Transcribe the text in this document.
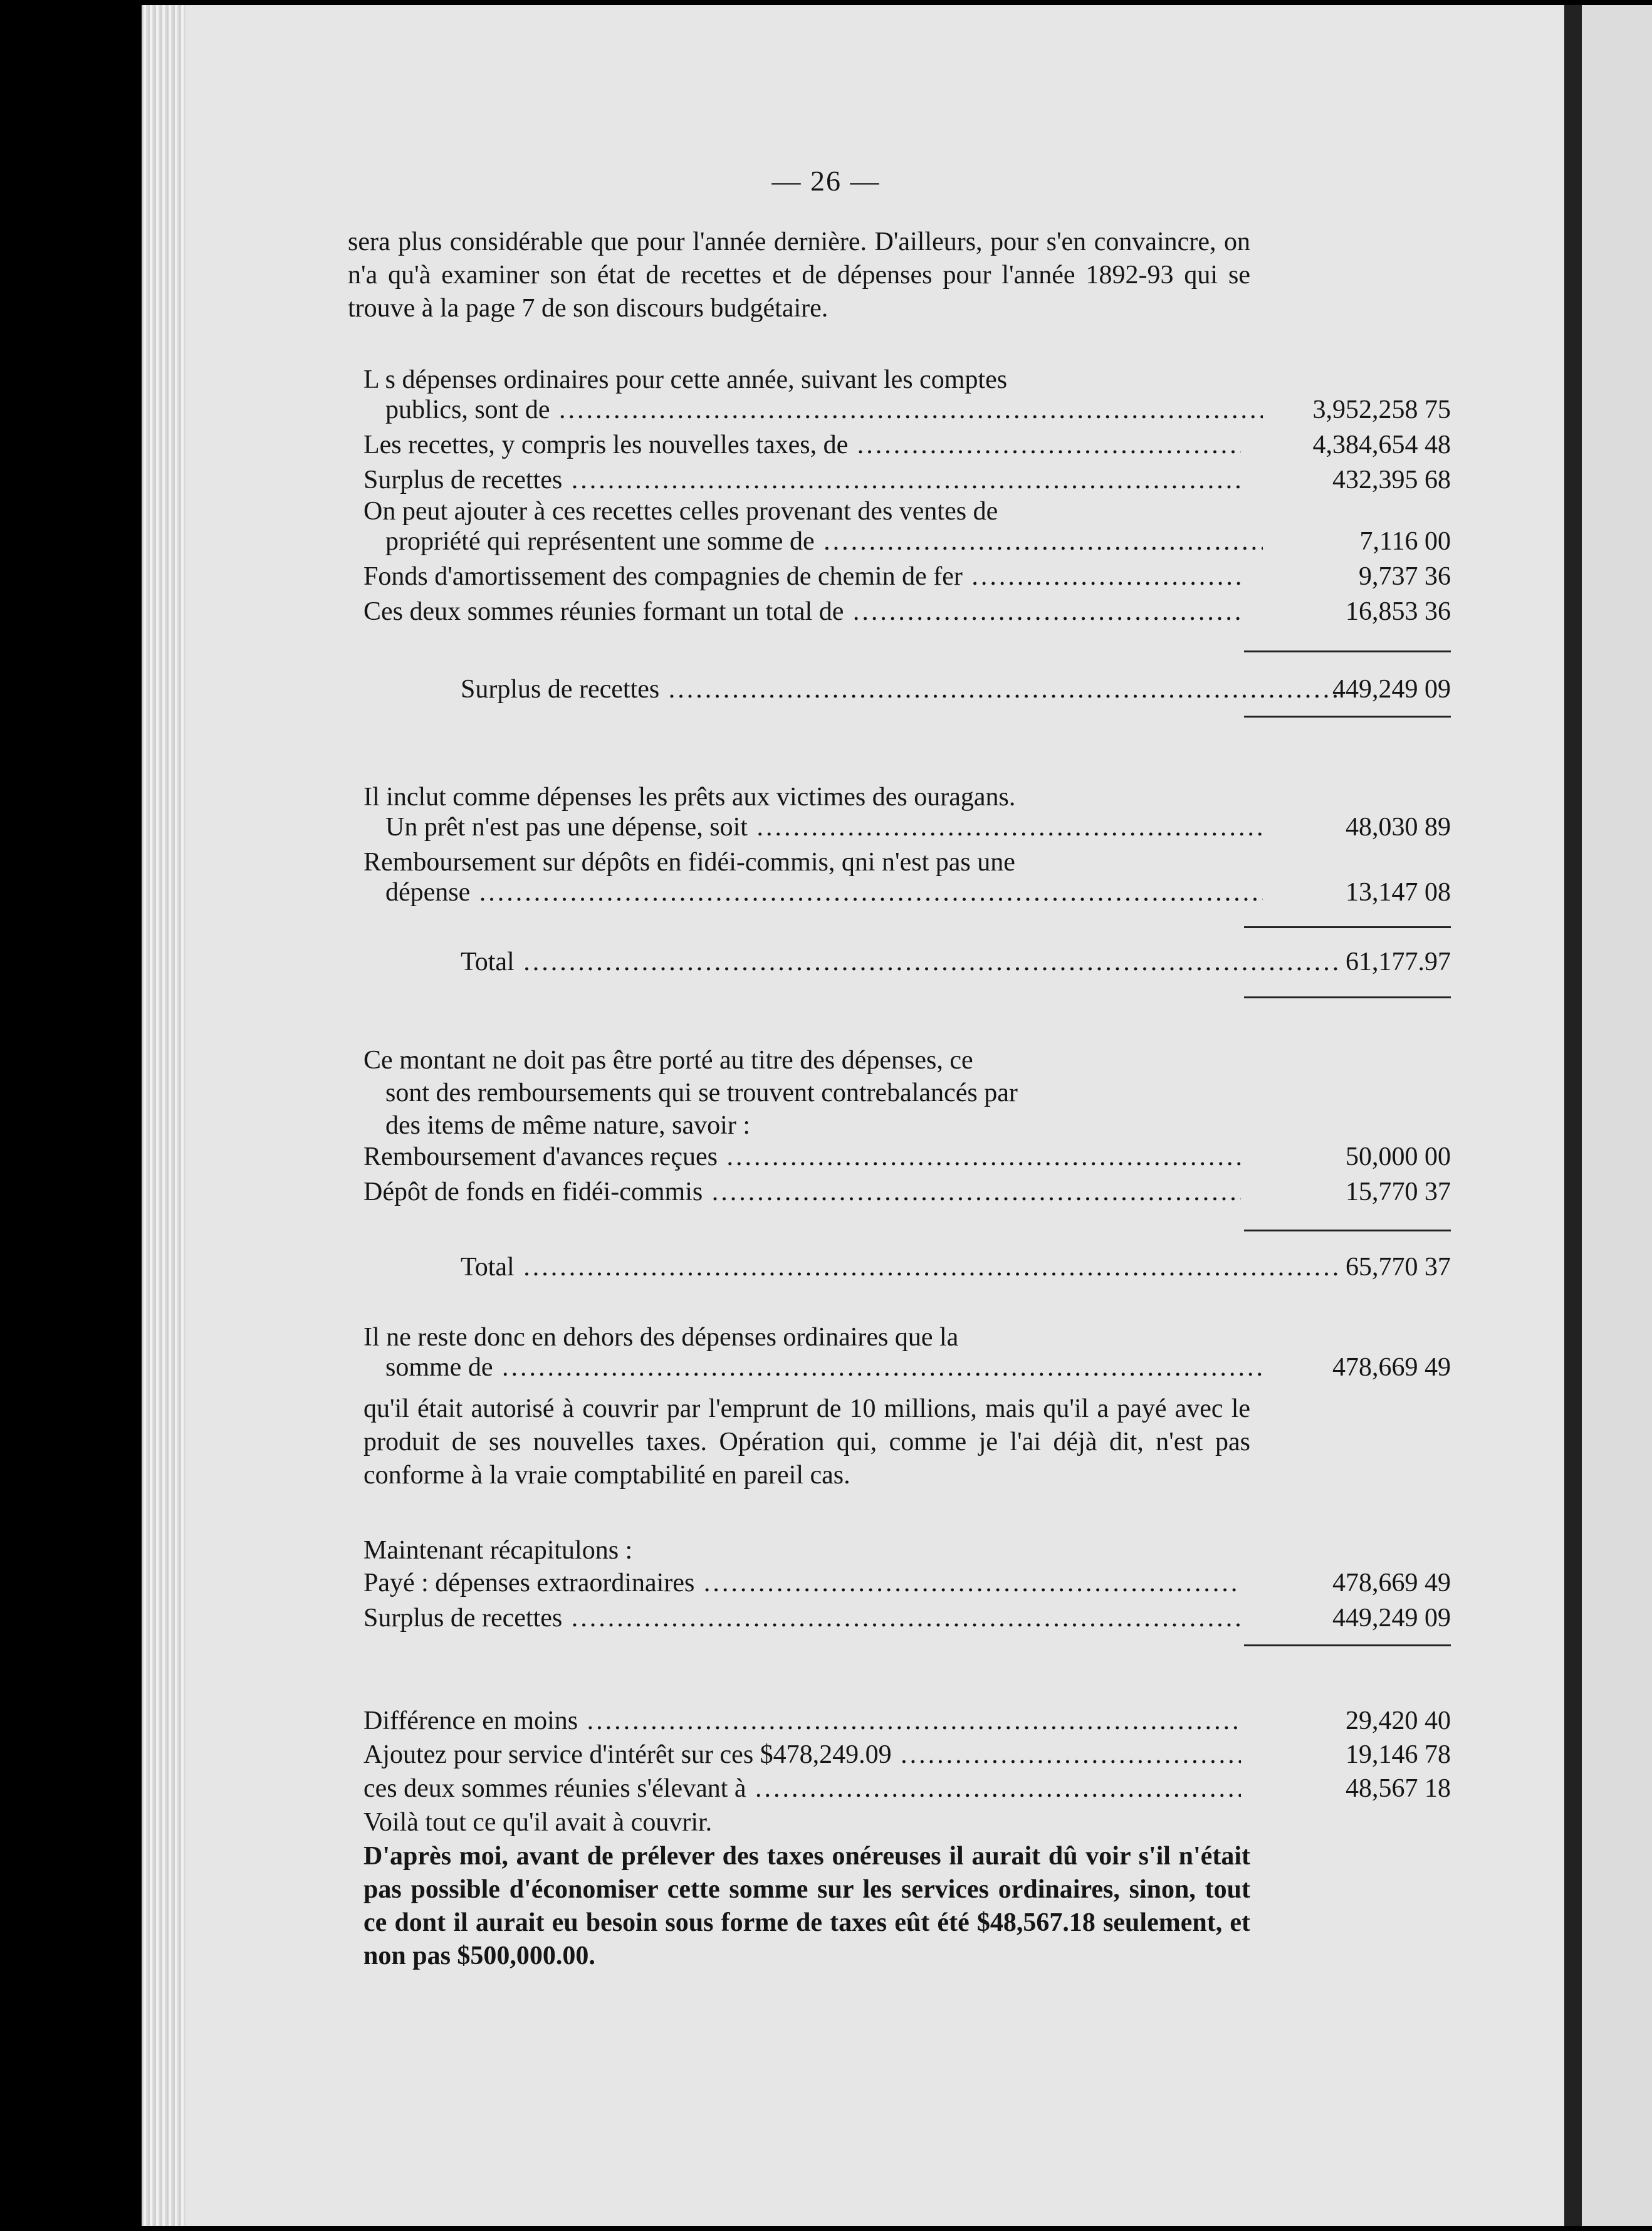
— 26 —
sera plus considérable que pour l'année dernière. D'ailleurs, pour s'en convaincre, on n'a qu'à examiner son état de recettes et de dépenses pour l'année 1892-93 qui se trouve à la page 7 de son discours budgétaire.
L s dépenses ordinaires pour cette année, suivant les comptes
publics, sont de .....	3,952,258 75
Les recettes, y compris les nouvelles taxes, de .....	4,384,654 48
Surplus de recettes .....	432,395 68
On peut ajouter à ces recettes celles provenant des ventes de
propriété qui représentent une somme de .....	7,116 00
Fonds d'amortissement des compagnies de chemin de fer .....	9,737 36
Ces deux sommes réunies formant un total de .....	16,853 36
Surplus de recettes .....	449,249 09
Il inclut comme dépenses les prêts aux victimes des ouragans.
Un prêt n'est pas une dépense, soit .....	48,030 89
Remboursement sur dépôts en fidéi-commis, qni n'est pas une
dépense .....	13,147 08
Total .....	61,177.97
Ce montant ne doit pas être porté au titre des dépenses, ce
sont des remboursements qui se trouvent contrebalancés par
des items de même nature, savoir :
Remboursement d'avances reçues .....	50,000 00
Dépôt de fonds en fidéi-commis .....	15,770 37
Total .....	65,770 37
Il ne reste donc en dehors des dépenses ordinaires que la
somme de .....	478,669 49
qu'il était autorisé à couvrir par l'emprunt de 10 millions, mais qu'il a payé avec le produit de ses nouvelles taxes. Opération qui, comme je l'ai déjà dit, n'est pas conforme à la vraie comptabilité en pareil cas.
Maintenant récapitulons :
Payé : dépenses extraordinaires .....	478,669 49
Surplus de recettes .....	449,249 09
Différence en moins .....	29,420 40
Ajoutez pour service d'intérêt sur ces $478,249.09 .....	19,146 78
ces deux sommes réunies s'élevant à .....	48,567 18
Voilà tout ce qu'il avait à couvrir.
D'après moi, avant de prélever des taxes onéreuses il aurait dû voir s'il n'était pas possible d'économiser cette somme sur les services ordinaires, sinon, tout ce dont il aurait eu besoin sous forme de taxes eût été $48,567.18 seulement, et non pas $500,000.00.
